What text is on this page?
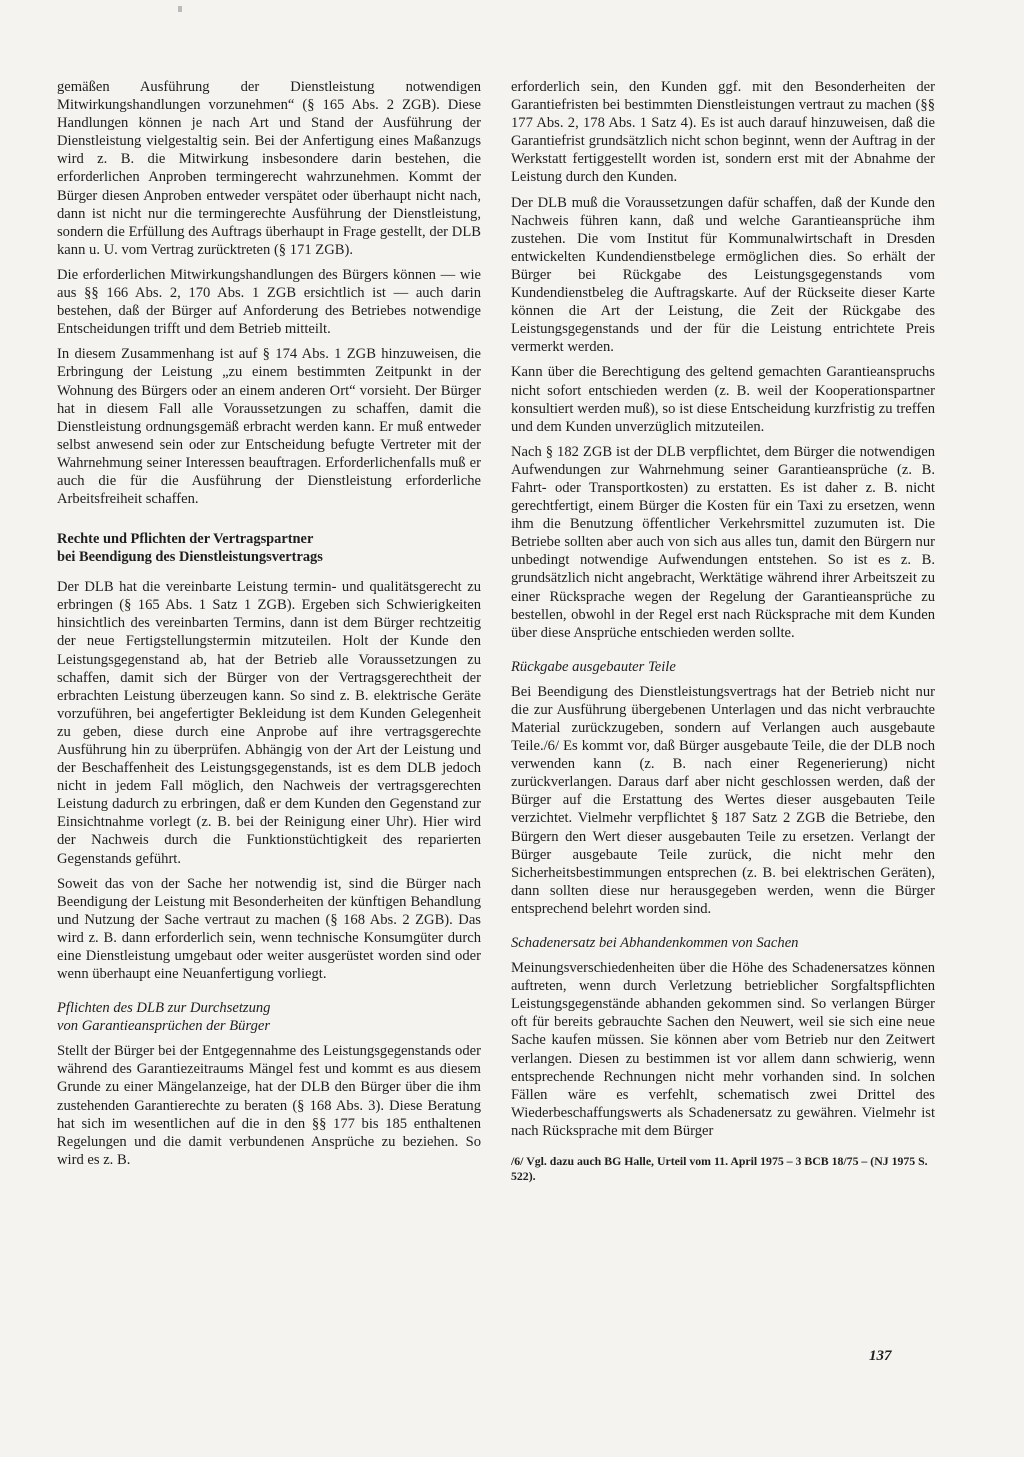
gemäßen Ausführung der Dienstleistung notwendigen Mitwirkungshandlungen vorzunehmen“ (§ 165 Abs. 2 ZGB). Diese Handlungen können je nach Art und Stand der Ausführung der Dienstleistung vielgestaltig sein. Bei der Anfertigung eines Maßanzugs wird z. B. die Mitwirkung insbesondere darin bestehen, die erforderlichen Anproben termingerecht wahrzunehmen. Kommt der Bürger diesen Anproben entweder verspätet oder überhaupt nicht nach, dann ist nicht nur die termingerechte Ausführung der Dienstleistung, sondern die Erfüllung des Auftrags überhaupt in Frage gestellt, der DLB kann u. U. vom Vertrag zurücktreten (§ 171 ZGB).

Die erforderlichen Mitwirkungshandlungen des Bürgers können — wie aus §§ 166 Abs. 2, 170 Abs. 1 ZGB ersichtlich ist — auch darin bestehen, daß der Bürger auf Anforderung des Betriebes notwendige Entscheidungen trifft und dem Betrieb mitteilt.

In diesem Zusammenhang ist auf § 174 Abs. 1 ZGB hinzuweisen, die Erbringung der Leistung „zu einem bestimmten Zeitpunkt in der Wohnung des Bürgers oder an einem anderen Ort“ vorsieht. Der Bürger hat in diesem Fall alle Voraussetzungen zu schaffen, damit die Dienstleistung ordnungsgemäß erbracht werden kann. Er muß entweder selbst anwesend sein oder zur Entscheidung befugte Vertreter mit der Wahrnehmung seiner Interessen beauftragen. Erforderlichenfalls muß er auch die für die Ausführung der Dienstleistung erforderliche Arbeitsfreiheit schaffen.

Rechte und Pflichten der Vertragspartner
bei Beendigung des Dienstleistungsvertrags

Der DLB hat die vereinbarte Leistung termin- und qualitätsgerecht zu erbringen (§ 165 Abs. 1 Satz 1 ZGB). Ergeben sich Schwierigkeiten hinsichtlich des vereinbarten Termins, dann ist dem Bürger rechtzeitig der neue Fertigstellungstermin mitzuteilen. Holt der Kunde den Leistungsgegenstand ab, hat der Betrieb alle Voraussetzungen zu schaffen, damit sich der Bürger von der Vertragsgerechtheit der erbrachten Leistung überzeugen kann. So sind z. B. elektrische Geräte vorzuführen, bei angefertigter Bekleidung ist dem Kunden Gelegenheit zu geben, diese durch eine Anprobe auf ihre vertragsgerechte Ausführung hin zu überprüfen. Abhängig von der Art der Leistung und der Beschaffenheit des Leistungsgegenstands, ist es dem DLB jedoch nicht in jedem Fall möglich, den Nachweis der vertragsgerechten Leistung dadurch zu erbringen, daß er dem Kunden den Gegenstand zur Einsichtnahme vorlegt (z. B. bei der Reinigung einer Uhr). Hier wird der Nachweis durch die Funktionstüchtigkeit des reparierten Gegenstands geführt.

Soweit das von der Sache her notwendig ist, sind die Bürger nach Beendigung der Leistung mit Besonderheiten der künftigen Behandlung und Nutzung der Sache vertraut zu machen (§ 168 Abs. 2 ZGB). Das wird z. B. dann erforderlich sein, wenn technische Konsumgüter durch eine Dienstleistung umgebaut oder weiter ausgerüstet worden sind oder wenn überhaupt eine Neuanfertigung vorliegt.

Pflichten des DLB zur Durchsetzung
von Garantieansprüchen der Bürger

Stellt der Bürger bei der Entgegennahme des Leistungsgegenstands oder während des Garantiezeitraums Mängel fest und kommt es aus diesem Grunde zu einer Mängelanzeige, hat der DLB den Bürger über die ihm zustehenden Garantierechte zu beraten (§ 168 Abs. 3). Diese Beratung hat sich im wesentlichen auf die in den §§ 177 bis 185 enthaltenen Regelungen und die damit verbundenen Ansprüche zu beziehen. So wird es z. B.

erforderlich sein, den Kunden ggf. mit den Besonderheiten der Garantiefristen bei bestimmten Dienstleistungen vertraut zu machen (§§ 177 Abs. 2, 178 Abs. 1 Satz 4). Es ist auch darauf hinzuweisen, daß die Garantiefrist grundsätzlich nicht schon beginnt, wenn der Auftrag in der Werkstatt fertiggestellt worden ist, sondern erst mit der Abnahme der Leistung durch den Kunden.

Der DLB muß die Voraussetzungen dafür schaffen, daß der Kunde den Nachweis führen kann, daß und welche Garantieansprüche ihm zustehen. Die vom Institut für Kommunalwirtschaft in Dresden entwickelten Kundendienstbelege ermöglichen dies. So erhält der Bürger bei Rückgabe des Leistungsgegenstands vom Kundendienstbeleg die Auftragskarte. Auf der Rückseite dieser Karte können die Art der Leistung, die Zeit der Rückgabe des Leistungsgegenstands und der für die Leistung entrichtete Preis vermerkt werden.

Kann über die Berechtigung des geltend gemachten Garantieanspruchs nicht sofort entschieden werden (z. B. weil der Kooperationspartner konsultiert werden muß), so ist diese Entscheidung kurzfristig zu treffen und dem Kunden unverzüglich mitzuteilen.

Nach § 182 ZGB ist der DLB verpflichtet, dem Bürger die notwendigen Aufwendungen zur Wahrnehmung seiner Garantieansprüche (z. B. Fahrt- oder Transportkosten) zu erstatten. Es ist daher z. B. nicht gerechtfertigt, einem Bürger die Kosten für ein Taxi zu ersetzen, wenn ihm die Benutzung öffentlicher Verkehrsmittel zuzumuten ist. Die Betriebe sollten aber auch von sich aus alles tun, damit den Bürgern nur unbedingt notwendige Aufwendungen entstehen. So ist es z. B. grundsätzlich nicht angebracht, Werktätige während ihrer Arbeitszeit zu einer Rücksprache wegen der Regelung der Garantieansprüche zu bestellen, obwohl in der Regel erst nach Rücksprache mit dem Kunden über diese Ansprüche entschieden werden sollte.

Rückgabe ausgebauter Teile

Bei Beendigung des Dienstleistungsvertrags hat der Betrieb nicht nur die zur Ausführung übergebenen Unterlagen und das nicht verbrauchte Material zurückzugeben, sondern auf Verlangen auch ausgebaute Teile./6/ Es kommt vor, daß Bürger ausgebaute Teile, die der DLB noch verwenden kann (z. B. nach einer Regenerierung) nicht zurückverlangen. Daraus darf aber nicht geschlossen werden, daß der Bürger auf die Erstattung des Wertes dieser ausgebauten Teile verzichtet. Vielmehr verpflichtet § 187 Satz 2 ZGB die Betriebe, den Bürgern den Wert dieser ausgebauten Teile zu ersetzen. Verlangt der Bürger ausgebaute Teile zurück, die nicht mehr den Sicherheitsbestimmungen entsprechen (z. B. bei elektrischen Geräten), dann sollten diese nur herausgegeben werden, wenn die Bürger entsprechend belehrt worden sind.

Schadenersatz bei Abhandenkommen von Sachen

Meinungsverschiedenheiten über die Höhe des Schadenersatzes können auftreten, wenn durch Verletzung betrieblicher Sorgfaltspflichten Leistungsgegenstände abhanden gekommen sind. So verlangen Bürger oft für bereits gebrauchte Sachen den Neuwert, weil sie sich eine neue Sache kaufen müssen. Sie können aber vom Betrieb nur den Zeitwert verlangen. Diesen zu bestimmen ist vor allem dann schwierig, wenn entsprechende Rechnungen nicht mehr vorhanden sind. In solchen Fällen wäre es verfehlt, schematisch zwei Drittel des Wiederbeschaffungswerts als Schadenersatz zu gewähren. Vielmehr ist nach Rücksprache mit dem Bürger

/6/ Vgl. dazu auch BG Halle, Urteil vom 11. April 1975 – 3 BCB 18/75 – (NJ 1975 S. 522).
137
